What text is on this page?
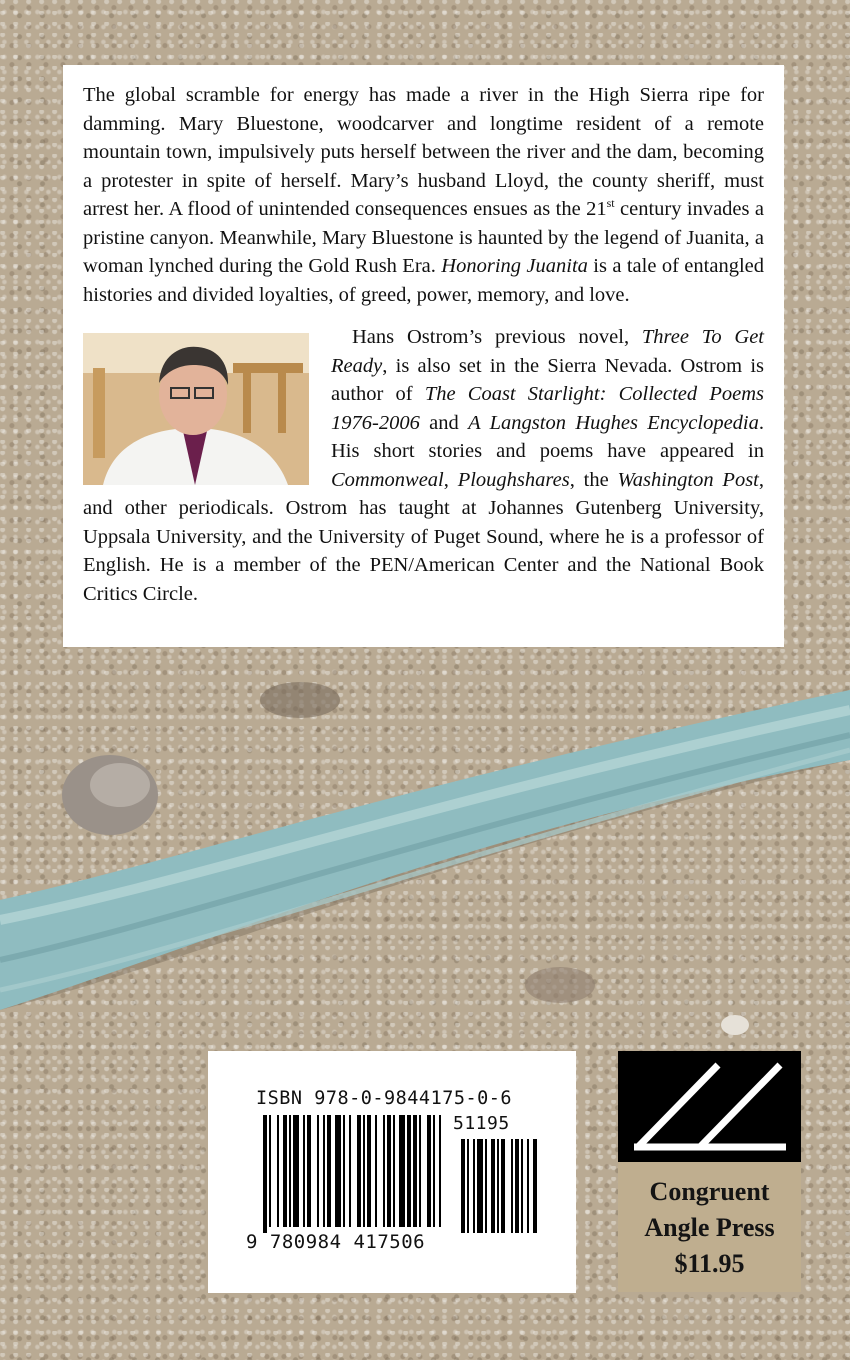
The global scramble for energy has made a river in the High Sierra ripe for damming. Mary Bluestone, woodcarver and longtime resident of a remote mountain town, impulsively puts herself between the river and the dam, becoming a protester in spite of herself. Mary’s husband Lloyd, the county sheriff, must arrest her. A flood of unintended consequences ensues as the 21st century invades a pristine canyon. Meanwhile, Mary Bluestone is haunted by the legend of Juanita, a woman lynched during the Gold Rush Era. Honoring Juanita is a tale of entangled histories and divided loyalties, of greed, power, memory, and love.

Hans Ostrom’s previous novel, Three To Get Ready, is also set in the Sierra Nevada. Ostrom is author of The Coast Starlight: Collected Poems 1976-2006 and A Langston Hughes Encyclopedia. His short stories and poems have appeared in Commonweal, Ploughshares, the Washington Post, and other periodicals. Ostrom has taught at Johannes Gutenberg University, Uppsala University, and the University of Puget Sound, where he is a professor of English. He is a member of the PEN/American Center and the National Book Critics Circle.

ISBN 978-0-9844175-0-6
51195
9 780984 417506
Congruent
Angle Press
$11.95
